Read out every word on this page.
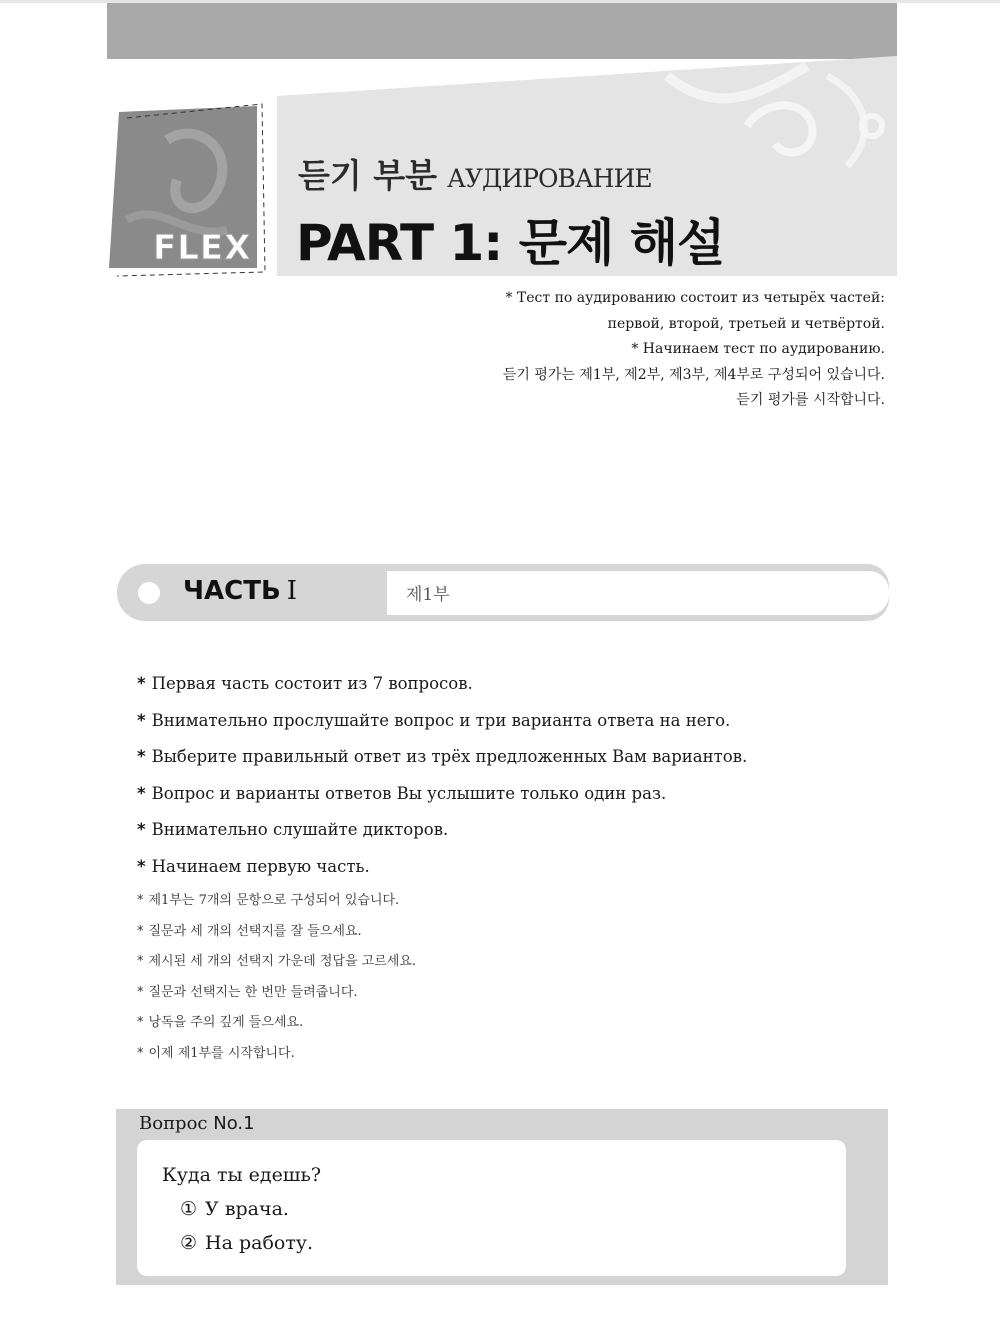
FLEX
듣기 부분 АУДИРОВАНИЕ
PART 1: 문제 해설
* Тест по аудированию состоит из четырёх частей:
первой, второй, третьей и четвёртой.
* Начинаем тест по аудированию.
듣기 평가는 제1부, 제2부, 제3부, 제4부로 구성되어 있습니다.
듣기 평가를 시작합니다.
ЧАСТЬ I	제1부
* Первая часть состоит из 7 вопросов.
* Внимательно прослушайте вопрос и три варианта ответа на него.
* Выберите правильный ответ из трёх предложенных Вам вариантов.
* Вопрос и варианты ответов Вы услышите только один раз.
* Внимательно слушайте дикторов.
* Начинаем первую часть.
* 제1부는 7개의 문항으로 구성되어 있습니다.
* 질문과 세 개의 선택지를 잘 들으세요.
* 제시된 세 개의 선택지 가운데 정답을 고르세요.
* 질문과 선택지는 한 번만 들려줍니다.
* 낭독을 주의 깊게 들으세요.
* 이제 제1부를 시작합니다.
Вопрос No.1
Куда ты едешь?
① У врача.
② На работу.
